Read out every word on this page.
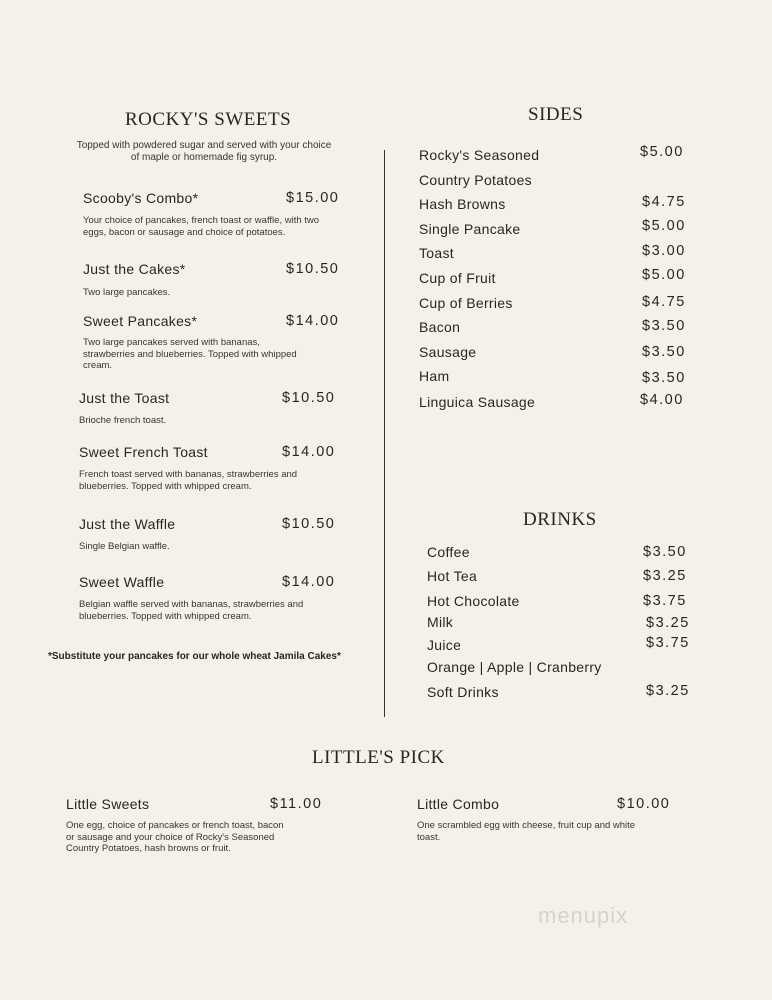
ROCKY'S SWEETS
Topped with powdered sugar and served with your choice of maple or homemade fig syrup.
Scooby's Combo*	$15.00
Your choice of pancakes, french toast or waffle, with two eggs, bacon or sausage and choice of potatoes.
Just the Cakes*	$10.50
Two large pancakes.
Sweet Pancakes*	$14.00
Two large pancakes served with bananas, strawberries and blueberries. Topped with whipped cream.
Just the Toast	$10.50
Brioche french toast.
Sweet French Toast	$14.00
French toast served with bananas, strawberries and blueberries. Topped with whipped cream.
Just the Waffle	$10.50
Single Belgian waffle.
Sweet Waffle	$14.00
Belgian waffle served with bananas, strawberries and blueberries. Topped with whipped cream.
*Substitute your pancakes for our whole wheat Jamila Cakes*
SIDES
Rocky's Seasoned	$5.00
Country Potatoes
Hash Browns	$4.75
Single Pancake	$5.00
Toast	$3.00
Cup of Fruit	$5.00
Cup of Berries	$4.75
Bacon	$3.50
Sausage	$3.50
Ham	$3.50
Linguica Sausage	$4.00
DRINKS
Coffee	$3.50
Hot Tea	$3.25
Hot Chocolate	$3.75
Milk	$3.25
Juice	$3.75
Orange | Apple | Cranberry
Soft Drinks	$3.25
LITTLE'S PICK
Little Sweets	$11.00
One egg, choice of pancakes or french toast, bacon or sausage and your choice of Rocky's Seasoned Country Potatoes, hash browns or fruit.
Little Combo	$10.00
One scrambled egg with cheese, fruit cup and white toast.
menupix
